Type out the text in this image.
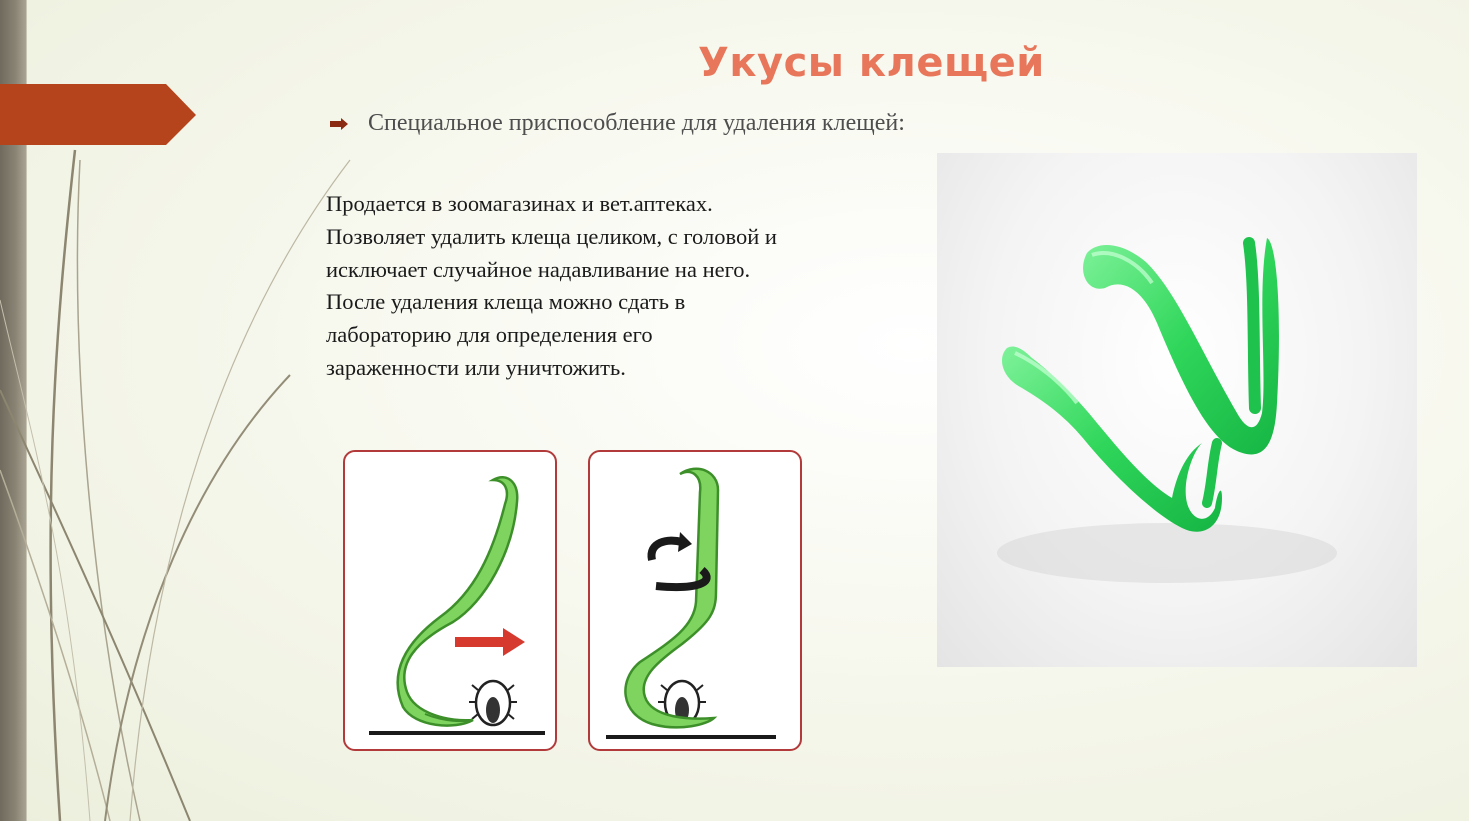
Укусы клещей
Специальное приспособление для удаления клещей:
Продается в зоомагазинах и вет.аптеках.
Позволяет удалить клеща целиком, с головой и
исключает случайное надавливание на него.
После удаления клеща можно сдать в
лабораторию для определения его
зараженности или уничтожить.
